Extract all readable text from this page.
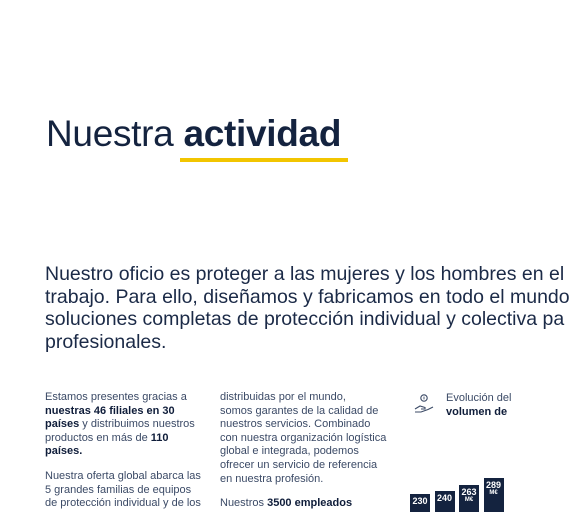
Nuestra actividad

Nuestro oficio es proteger a las mujeres y los hombres en el
trabajo. Para ello, diseñamos y fabricamos en todo el mundo
soluciones completas de protección individual y colectiva pa
profesionales.

Estamos presentes gracias a
nuestras 46 filiales en 30
países y distribuimos nuestros
productos en más de 110
países.

Nuestra oferta global abarca las
5 grandes familias de equipos
de protección individual y de los

distribuidas por el mundo,
somos garantes de la calidad de
nuestros servicios. Combinado
con nuestra organización logística
global e integrada, podemos
ofrecer un servicio de referencia
en nuestra profesión.

Nuestros 3500 empleados

Evolución del
volumen de
230 240
263
M€
289
M€
